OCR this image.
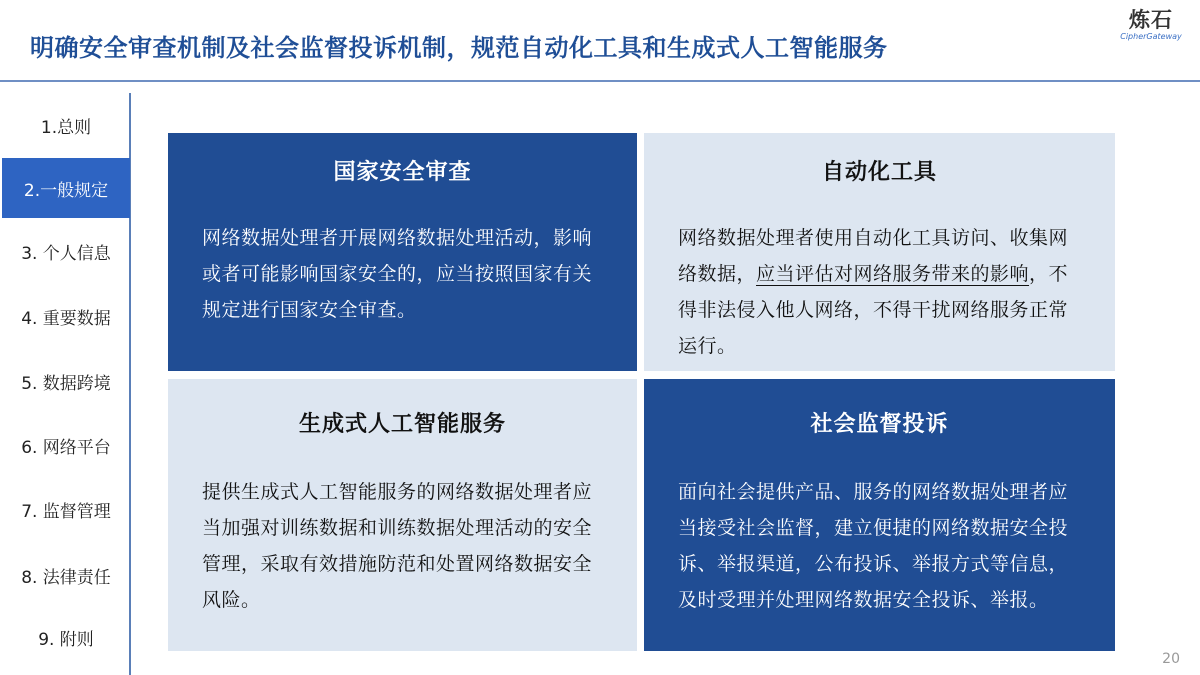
明确安全审查机制及社会监督投诉机制，规范自动化工具和生成式人工智能服务
炼石
CipherGateway
1.总则
2.一般规定
3. 个人信息
4. 重要数据
5. 数据跨境
6. 网络平台
7. 监督管理
8. 法律责任
9. 附则
国家安全审查
网络数据处理者开展网络数据处理活动，影响或者可能影响国家安全的，应当按照国家有关规定进行国家安全审查。
自动化工具
网络数据处理者使用自动化工具访问、收集网络数据，应当评估对网络服务带来的影响，不得非法侵入他人网络，不得干扰网络服务正常运行。
生成式人工智能服务
提供生成式人工智能服务的网络数据处理者应当加强对训练数据和训练数据处理活动的安全管理，采取有效措施防范和处置网络数据安全风险。
社会监督投诉
面向社会提供产品、服务的网络数据处理者应当接受社会监督，建立便捷的网络数据安全投诉、举报渠道，公布投诉、举报方式等信息，及时受理并处理网络数据安全投诉、举报。
20
